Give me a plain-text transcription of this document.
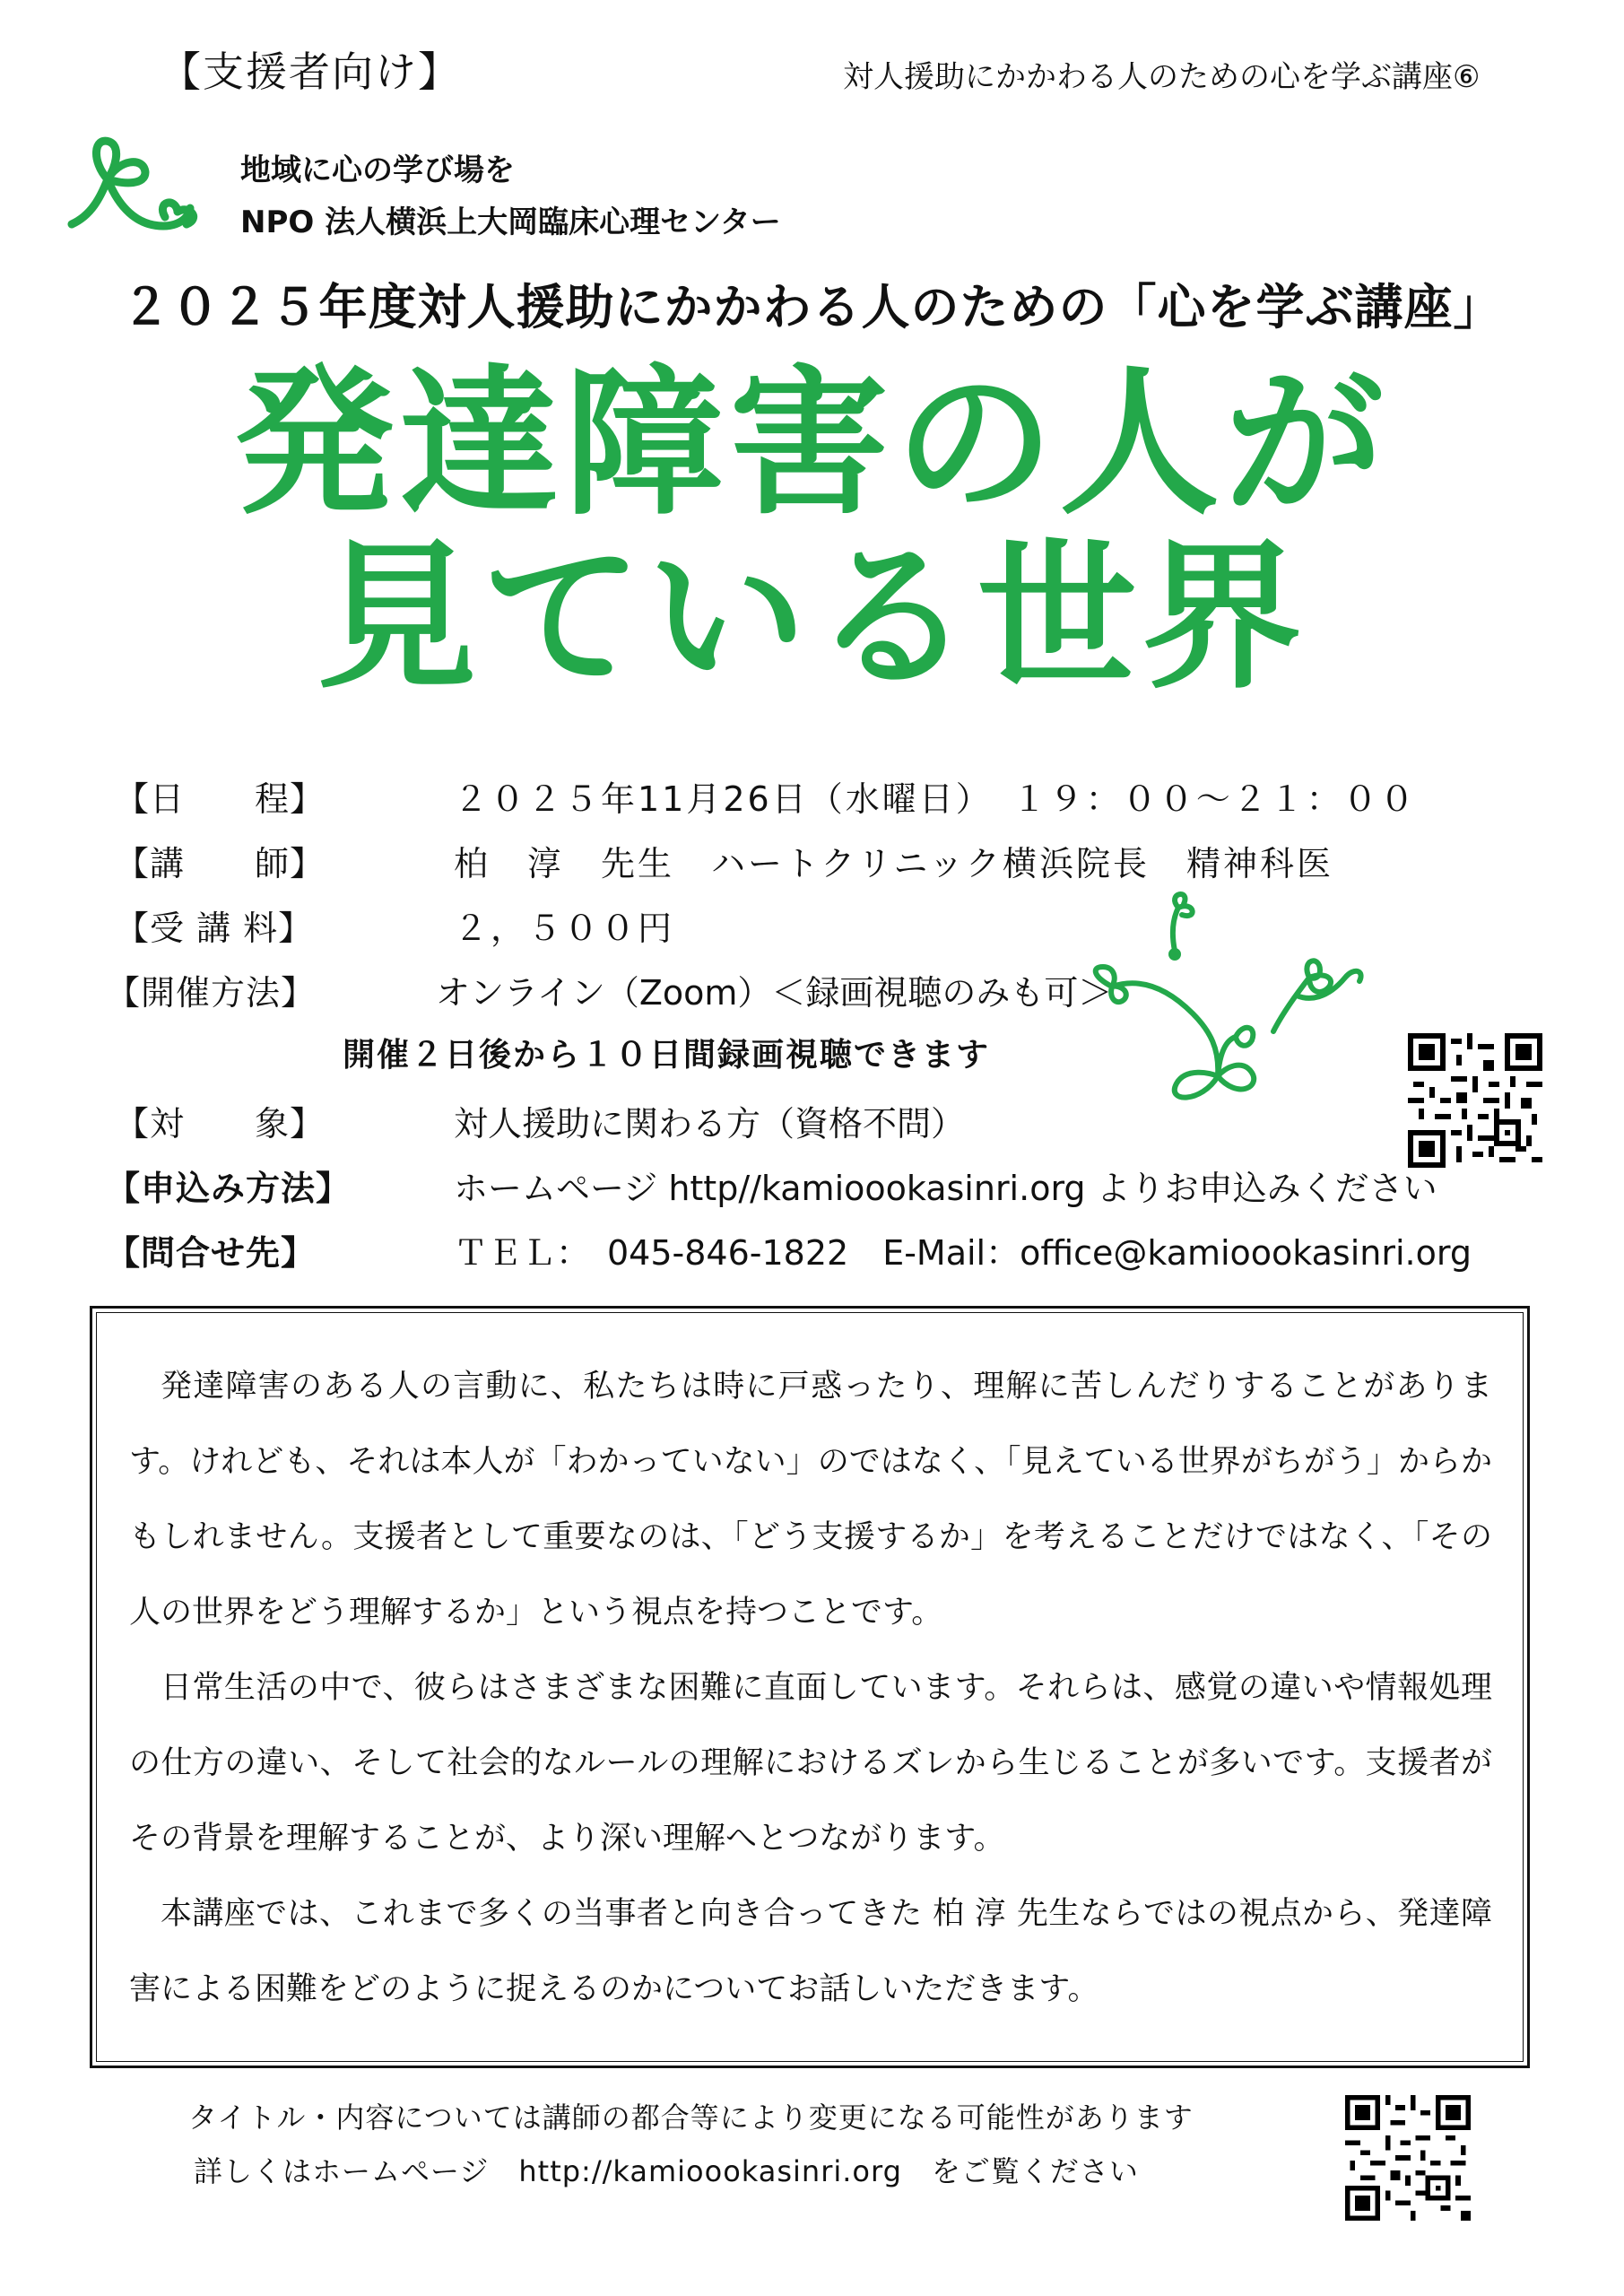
【支援者向け】	対人援助にかかわる人のための心を学ぶ講座⑥
地域に心の学び場を
NPO 法人横浜上大岡臨床心理センター
２０２５年度対人援助にかかわる人のための「心を学ぶ講座」
発達障害の人が
見ている世界
【日　　程】	２０２５年11月26日（水曜日）　１９：００〜２１：００
【講　　師】	柏　淳　先生　ハートクリニック横浜院長　精神科医
【受 講 料】	２，５００円
【開催方法】	オンライン（Zoom）＜録画視聴のみも可＞
開催２日後から１０日間録画視聴できます
【対　　象】	対人援助に関わる方（資格不問）
【申込み方法】	ホームページ http//kamioookasinri.org よりお申込みください
【問合せ先】	ＴＥＬ：　045-846-1822　E-Mail：office@kamioookasinri.org

発達障害のある人の言動に、私たちは時に戸惑ったり、理解に苦しんだりすることがあります。けれども、それは本人が「わかっていない」のではなく、「見えている世界がちがう」からかもしれません。支援者として重要なのは、「どう支援するか」を考えることだけではなく、「その人の世界をどう理解するか」という視点を持つことです。

日常生活の中で、彼らはさまざまな困難に直面しています。それらは、感覚の違いや情報処理の仕方の違い、そして社会的なルールの理解におけるズレから生じることが多いです。支援者がその背景を理解することが、より深い理解へとつながります。

本講座では、これまで多くの当事者と向き合ってきた 柏 淳 先生ならではの視点から、発達障害による困難をどのように捉えるのかについてお話しいただきます。

タイトル・内容については講師の都合等により変更になる可能性があります
詳しくはホームページ　http://kamioookasinri.org　をご覧ください
